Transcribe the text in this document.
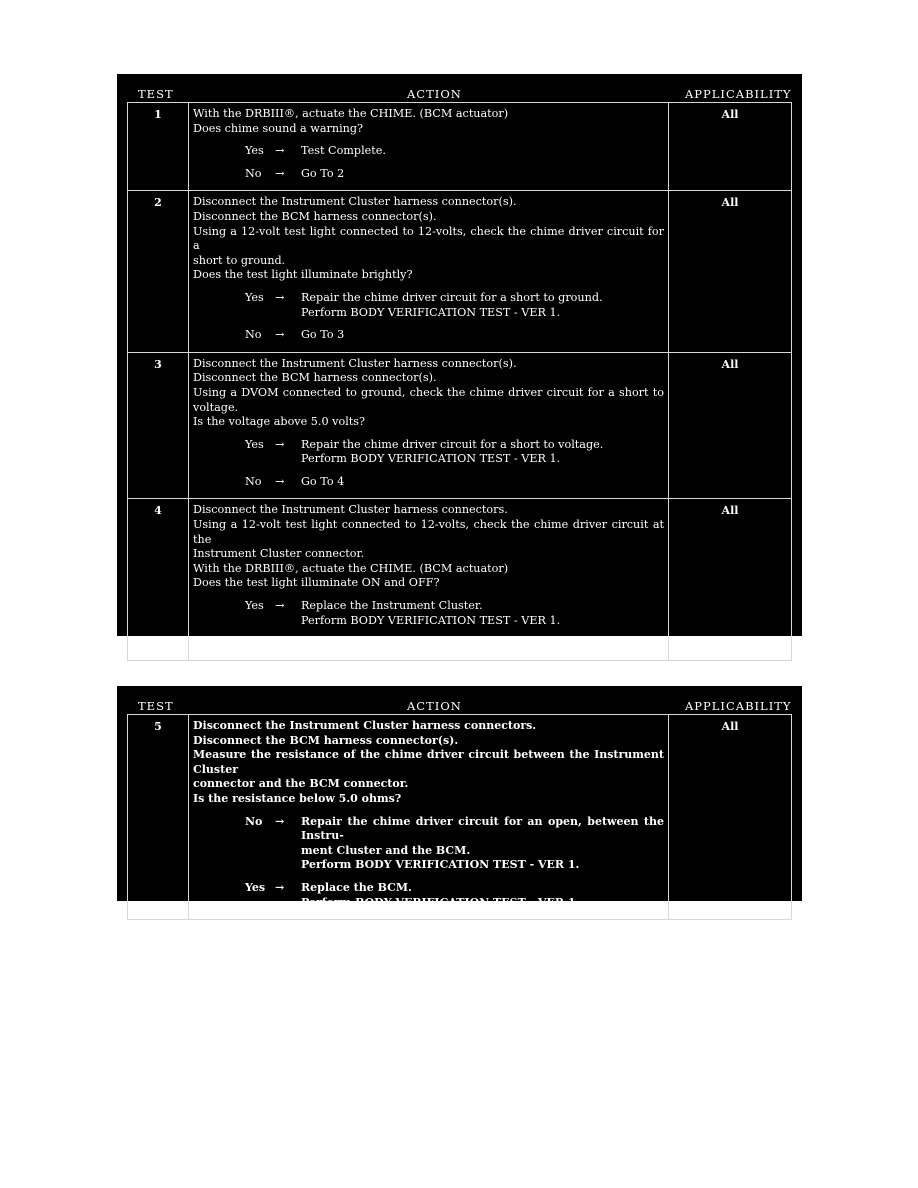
TEST	ACTION	APPLICABILITY
1	With the DRBIII®, actuate the CHIME. (BCM actuator)
Does chime sound a warning?
Yes	→	Test Complete.
No	→	Go To 2
All
2	Disconnect the Instrument Cluster harness connector(s).
Disconnect the BCM harness connector(s).
Using a 12-volt test light connected to 12-volts, check the chime driver circuit for a
short to ground.
Does the test light illuminate brightly?
Yes	→	Repair the chime driver circuit for a short to ground.
Perform BODY VERIFICATION TEST - VER 1.
No	→	Go To 3
All
3	Disconnect the Instrument Cluster harness connector(s).
Disconnect the BCM harness connector(s).
Using a DVOM connected to ground, check the chime driver circuit for a short to
voltage.
Is the voltage above 5.0 volts?
Yes	→	Repair the chime driver circuit for a short to voltage.
Perform BODY VERIFICATION TEST - VER 1.
No	→	Go To 4
All
4	Disconnect the Instrument Cluster harness connectors.
Using a 12-volt test light connected to 12-volts, check the chime driver circuit at the
Instrument Cluster connector.
With the DRBIII®, actuate the CHIME. (BCM actuator)
Does the test light illuminate ON and OFF?
Yes	→	Replace the Instrument Cluster.
Perform BODY VERIFICATION TEST - VER 1.
No	→	Go To 5
All
TEST	ACTION	APPLICABILITY
5	Disconnect the Instrument Cluster harness connectors.
Disconnect the BCM harness connector(s).
Measure the resistance of the chime driver circuit between the Instrument Cluster
connector and the BCM connector.
Is the resistance below 5.0 ohms?
No	→	Repair the chime driver circuit for an open, between the Instru-
ment Cluster and the BCM.
Perform BODY VERIFICATION TEST - VER 1.
Yes →	Replace the BCM.
Perform BODY VERIFICATION TEST - VER 1.
All
